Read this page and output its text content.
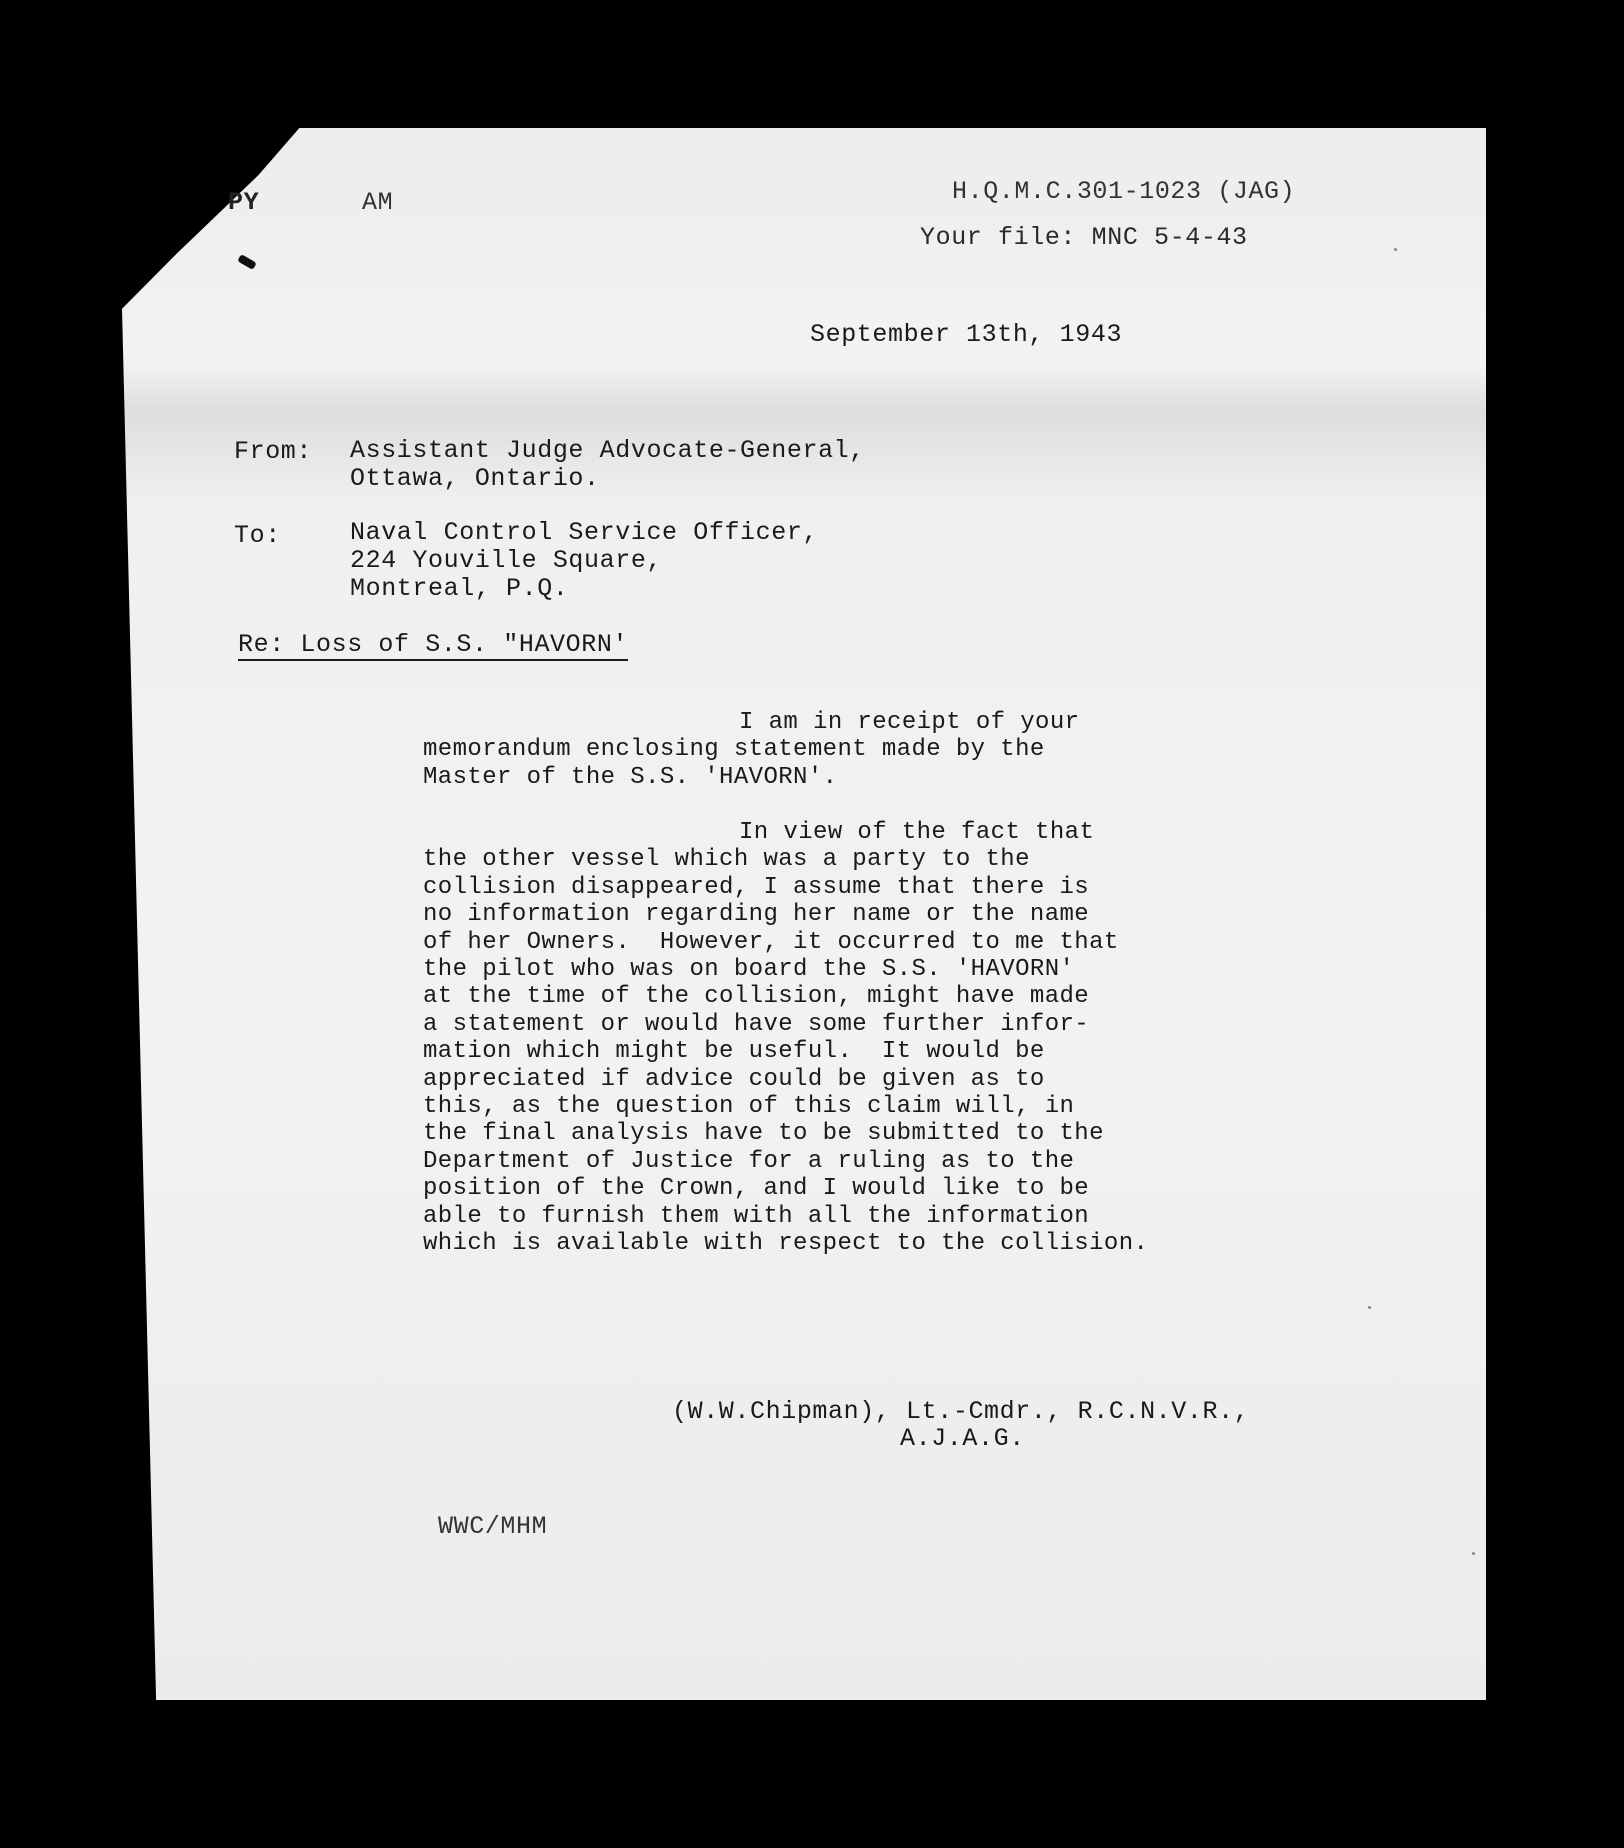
PY	AM	H.Q.M.C.301-1023 (JAG)
Your file: MNC 5-4-43
September 13th, 1943
From: Assistant Judge Advocate-General,
Ottawa, Ontario.
To:	Naval Control Service Officer,
224 Youville Square,
Montreal, P.Q.
Re: Loss of S.S. "HAVORN'
I am in receipt of your
memorandum enclosing statement made by the
Master of the S.S. 'HAVORN'.
In view of the fact that
the other vessel which was a party to the
collision disappeared, I assume that there is
no information regarding her name or the name
of her Owners.  However, it occurred to me that
the pilot who was on board the S.S. 'HAVORN'
at the time of the collision, might have made
a statement or would have some further infor-
mation which might be useful.  It would be
appreciated if advice could be given as to
this, as the question of this claim will, in
the final analysis have to be submitted to the
Department of Justice for a ruling as to the
position of the Crown, and I would like to be
able to furnish them with all the information
which is available with respect to the collision.
(W.W.Chipman), Lt.-Cmdr., R.C.N.V.R.,
A.J.A.G.
WWC/MHM
